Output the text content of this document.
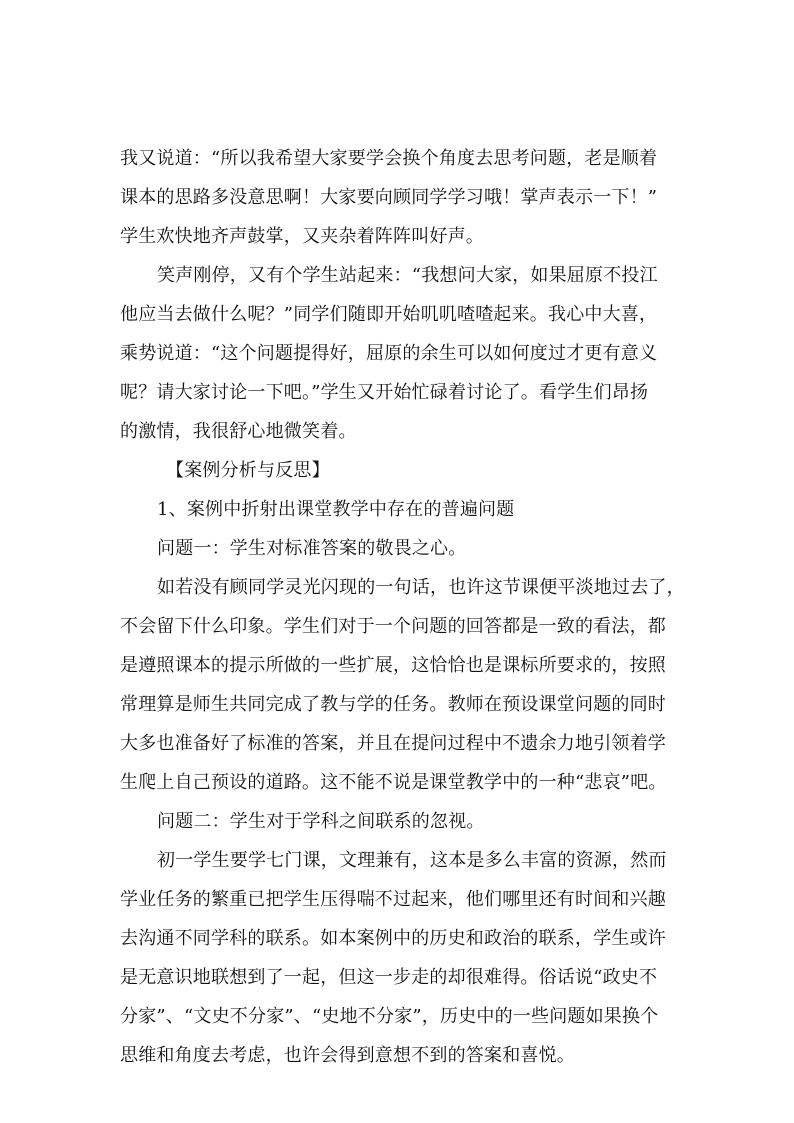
我又说道：“所以我希望大家要学会换个角度去思考问题，老是顺着
课本的思路多没意思啊！大家要向顾同学学习哦！掌声表示一下！”
学生欢快地齐声鼓掌，又夹杂着阵阵叫好声。
笑声刚停，又有个学生站起来：“我想问大家，如果屈原不投江
他应当去做什么呢？”同学们随即开始叽叽喳喳起来。我心中大喜，
乘势说道：“这个问题提得好，屈原的余生可以如何度过才更有意义
呢？请大家讨论一下吧。”学生又开始忙碌着讨论了。看学生们昂扬
的激情，我很舒心地微笑着。
【案例分析与反思】
1、案例中折射出课堂教学中存在的普遍问题
问题一：学生对标准答案的敬畏之心。
如若没有顾同学灵光闪现的一句话，也许这节课便平淡地过去了，
不会留下什么印象。学生们对于一个问题的回答都是一致的看法，都
是遵照课本的提示所做的一些扩展，这恰恰也是课标所要求的，按照
常理算是师生共同完成了教与学的任务。教师在预设课堂问题的同时
大多也准备好了标准的答案，并且在提问过程中不遗余力地引领着学
生爬上自己预设的道路。这不能不说是课堂教学中的一种“悲哀”吧。
问题二：学生对于学科之间联系的忽视。
初一学生要学七门课，文理兼有，这本是多么丰富的资源，然而
学业任务的繁重已把学生压得喘不过起来，他们哪里还有时间和兴趣
去沟通不同学科的联系。如本案例中的历史和政治的联系，学生或许
是无意识地联想到了一起，但这一步走的却很难得。俗话说“政史不
分家”、“文史不分家”、“史地不分家”，历史中的一些问题如果换个
思维和角度去考虑，也许会得到意想不到的答案和喜悦。
